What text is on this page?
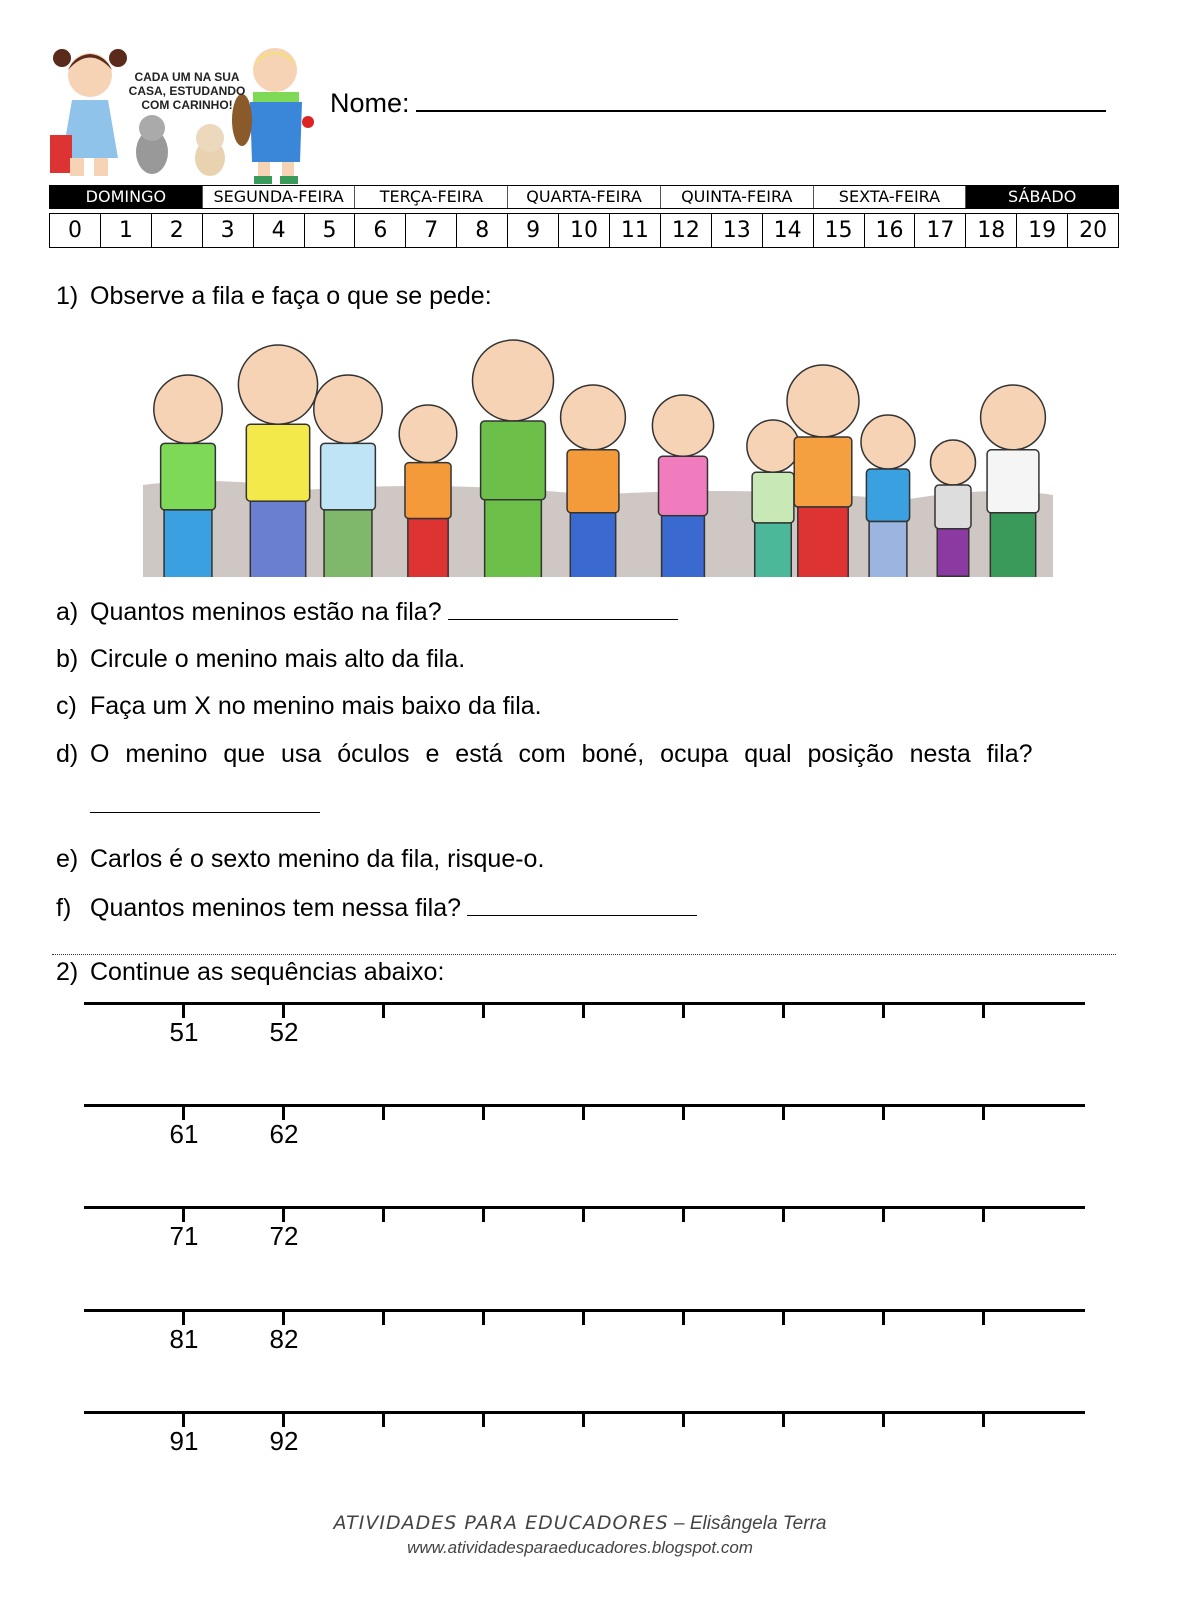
CADA UM NA SUA CASA, ESTUDANDO COM CARINHO!	Nome:
DOMINGO	SEGUNDA-FEIRA	TERÇA-FEIRA	QUARTA-FEIRA	QUINTA-FEIRA	SEXTA-FEIRA	SÁBADO
0	1	2	3	4	5	6	7	8	9	10	11	12	13	14	15	16	17	18	19	20
1) Observe a fila e faça o que se pede:
a) Quantos meninos estão na fila?
b) Circule o menino mais alto da fila.
c) Faça um X no menino mais baixo da fila.
d) O menino que usa óculos e está com boné, ocupa qual posição nesta fila?
e) Carlos é o sexto menino da fila, risque-o.
f) Quantos meninos tem nessa fila?
2) Continue as sequências abaixo:
51	52
61	62
71	72
81	82
91	92
ATIVIDADES PARA EDUCADORES – Elisângela Terra
www.atividadesparaeducadores.blogspot.com
